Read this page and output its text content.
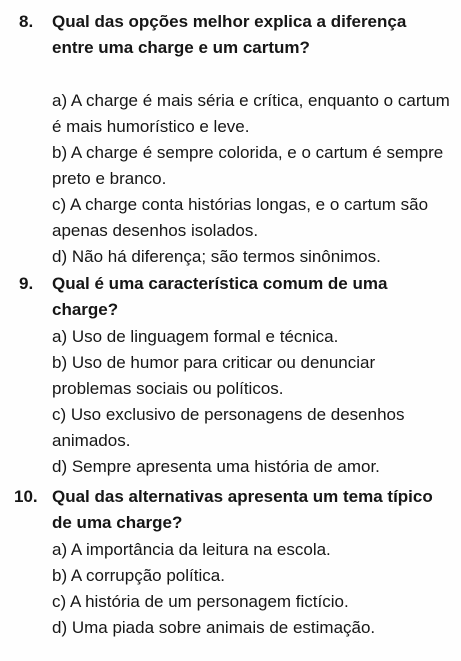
8. Qual das opções melhor explica a diferença entre uma charge e um cartum?
a) A charge é mais séria e crítica, enquanto o cartum é mais humorístico e leve.
b) A charge é sempre colorida, e o cartum é sempre preto e branco.
c) A charge conta histórias longas, e o cartum são apenas desenhos isolados.
d) Não há diferença; são termos sinônimos.
9. Qual é uma característica comum de uma charge?
a) Uso de linguagem formal e técnica.
b) Uso de humor para criticar ou denunciar problemas sociais ou políticos.
c) Uso exclusivo de personagens de desenhos animados.
d) Sempre apresenta uma história de amor.
10. Qual das alternativas apresenta um tema típico de uma charge?
a) A importância da leitura na escola.
b) A corrupção política.
c) A história de um personagem fictício.
d) Uma piada sobre animais de estimação.
